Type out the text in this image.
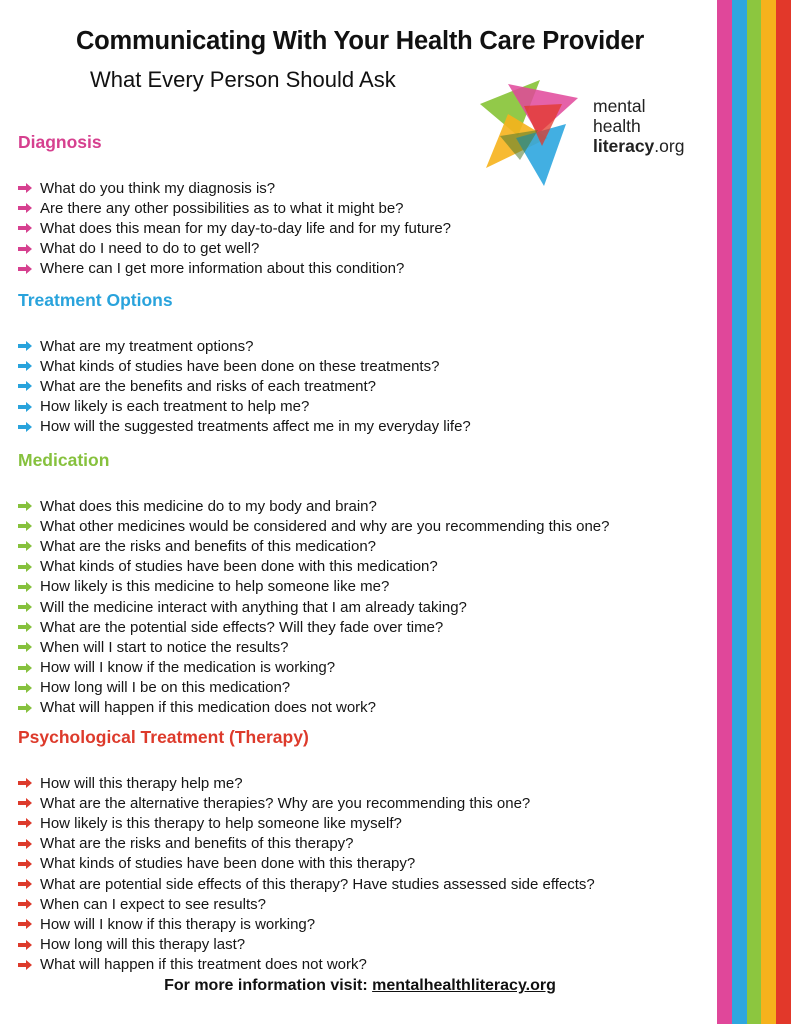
Communicating With Your Health Care Provider
What Every Person Should Ask
mental
health
literacy.org
Diagnosis
What do you think my diagnosis is?
Are there any other possibilities as to what it might be?
What does this mean for my day-to-day life and for my future?
What do I need to do to get well?
Where can I get more information about this condition?
Treatment Options
What are my treatment options?
What kinds of studies have been done on these treatments?
What are the benefits and risks of each treatment?
How likely is each treatment to help me?
How will the suggested treatments affect me in my everyday life?
Medication
What does this medicine do to my body and brain?
What other medicines would be considered and why are you recommending this one?
What are the risks and benefits of this medication?
What kinds of studies have been done with this medication?
How likely is this medicine to help someone like me?
Will the medicine interact with anything that I am already taking?
What are the potential side effects? Will they fade over time?
When will I start to notice the results?
How will I know if the medication is working?
How long will I be on this medication?
What will happen if this medication does not work?
Psychological Treatment (Therapy)
How will this therapy help me?
What are the alternative therapies? Why are you recommending this one?
How likely is this therapy to help someone like myself?
What are the risks and benefits of this therapy?
What kinds of studies have been done with this therapy?
What are potential side effects of this therapy? Have studies assessed side effects?
When can I expect to see results?
How will I know if this therapy is working?
How long will this therapy last?
What will happen if this treatment does not work?
For more information visit: mentalhealthliteracy.org
